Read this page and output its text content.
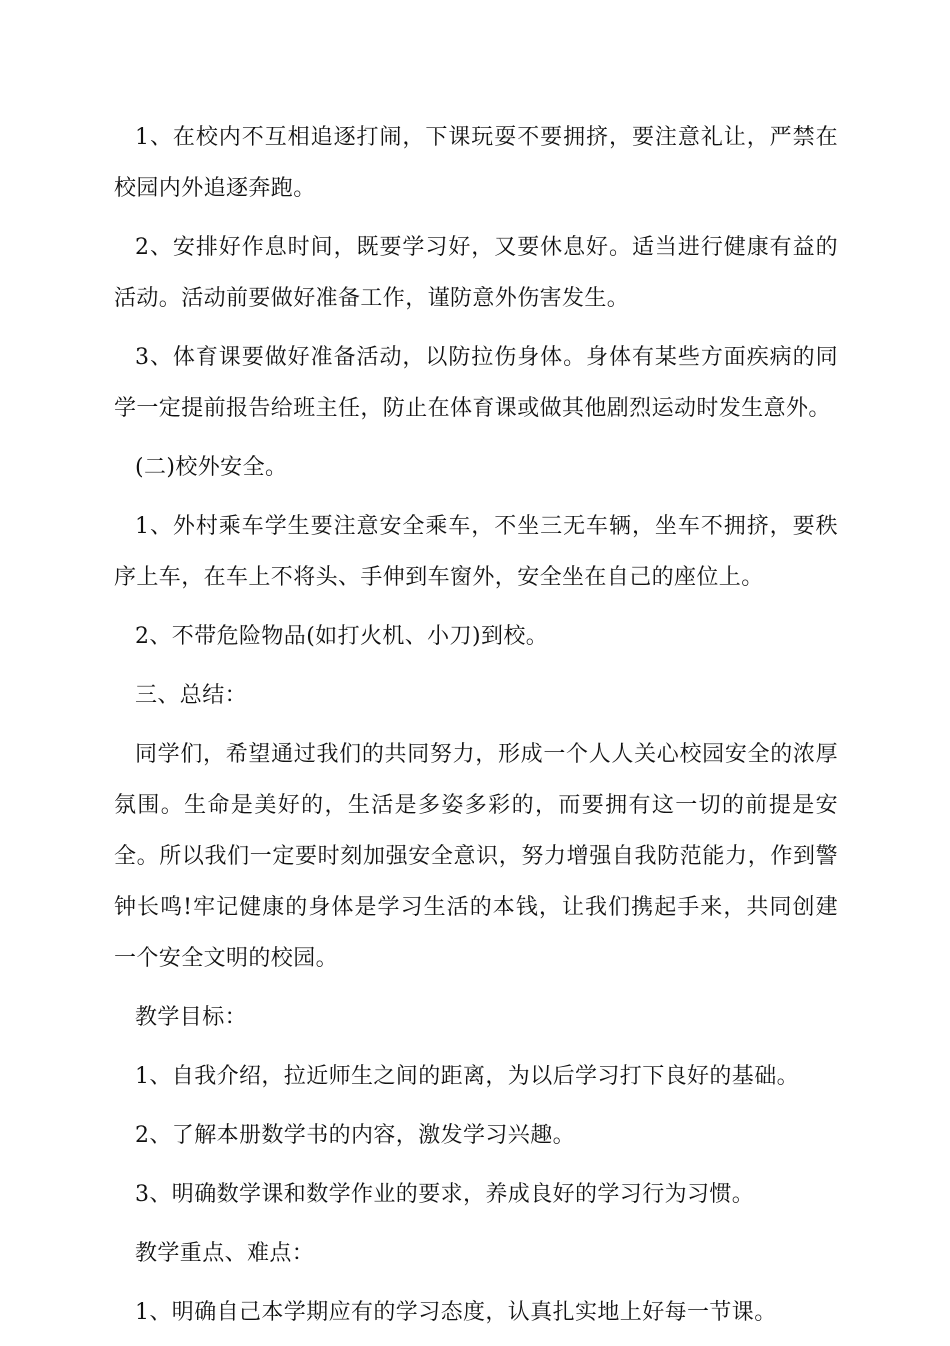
1、在校内不互相追逐打闹，下课玩耍不要拥挤，要注意礼让，严禁在校园内外追逐奔跑。

2、安排好作息时间，既要学习好，又要休息好。适当进行健康有益的活动。活动前要做好准备工作，谨防意外伤害发生。

3、体育课要做好准备活动，以防拉伤身体。身体有某些方面疾病的同学一定提前报告给班主任，防止在体育课或做其他剧烈运动时发生意外。

(二)校外安全。

1、外村乘车学生要注意安全乘车，不坐三无车辆，坐车不拥挤，要秩序上车，在车上不将头、手伸到车窗外，安全坐在自己的座位上。

2、不带危险物品(如打火机、小刀)到校。

三、总结：

同学们，希望通过我们的共同努力，形成一个人人关心校园安全的浓厚氛围。生命是美好的，生活是多姿多彩的，而要拥有这一切的前提是安全。所以我们一定要时刻加强安全意识，努力增强自我防范能力，作到警钟长鸣!牢记健康的身体是学习生活的本钱，让我们携起手来，共同创建一个安全文明的校园。

教学目标：

1、自我介绍，拉近师生之间的距离，为以后学习打下良好的基础。

2、了解本册数学书的内容，激发学习兴趣。

3、明确数学课和数学作业的要求，养成良好的学习行为习惯。

教学重点、难点：

1、明确自己本学期应有的学习态度，认真扎实地上好每一节课。
